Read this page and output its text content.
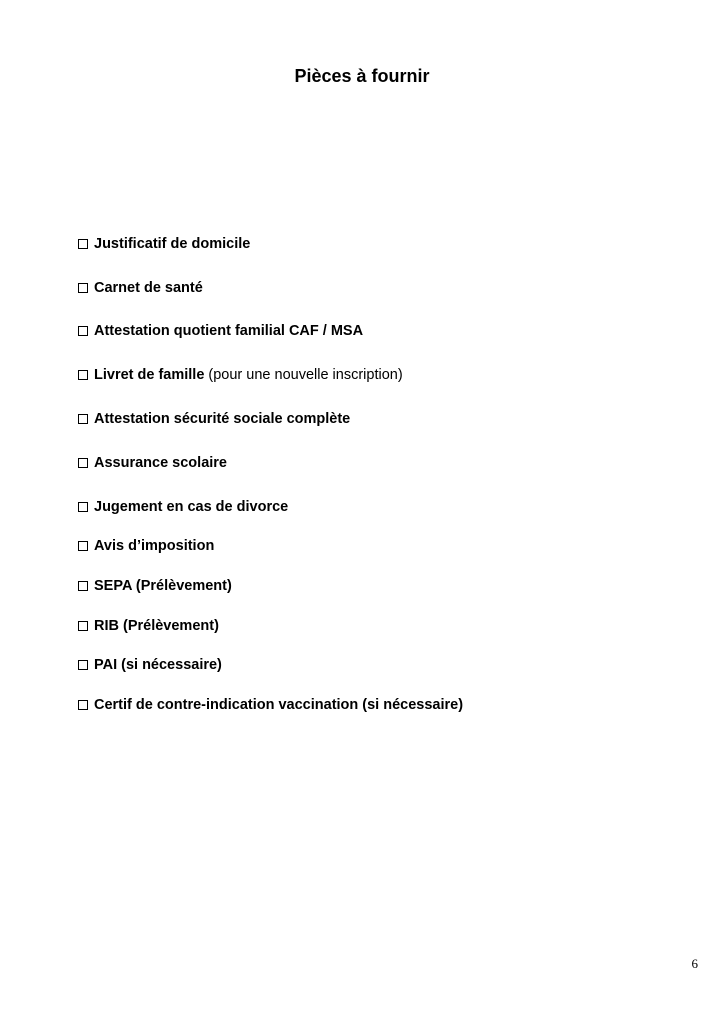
Pièces à fournir
Justificatif de domicile
Carnet de santé
Attestation quotient familial CAF / MSA
Livret de famille (pour une nouvelle inscription)
Attestation sécurité sociale complète
Assurance scolaire
Jugement en cas de divorce
Avis d’imposition
SEPA (Prélèvement)
RIB (Prélèvement)
PAI (si nécessaire)
Certif de contre-indication vaccination (si nécessaire)
6
